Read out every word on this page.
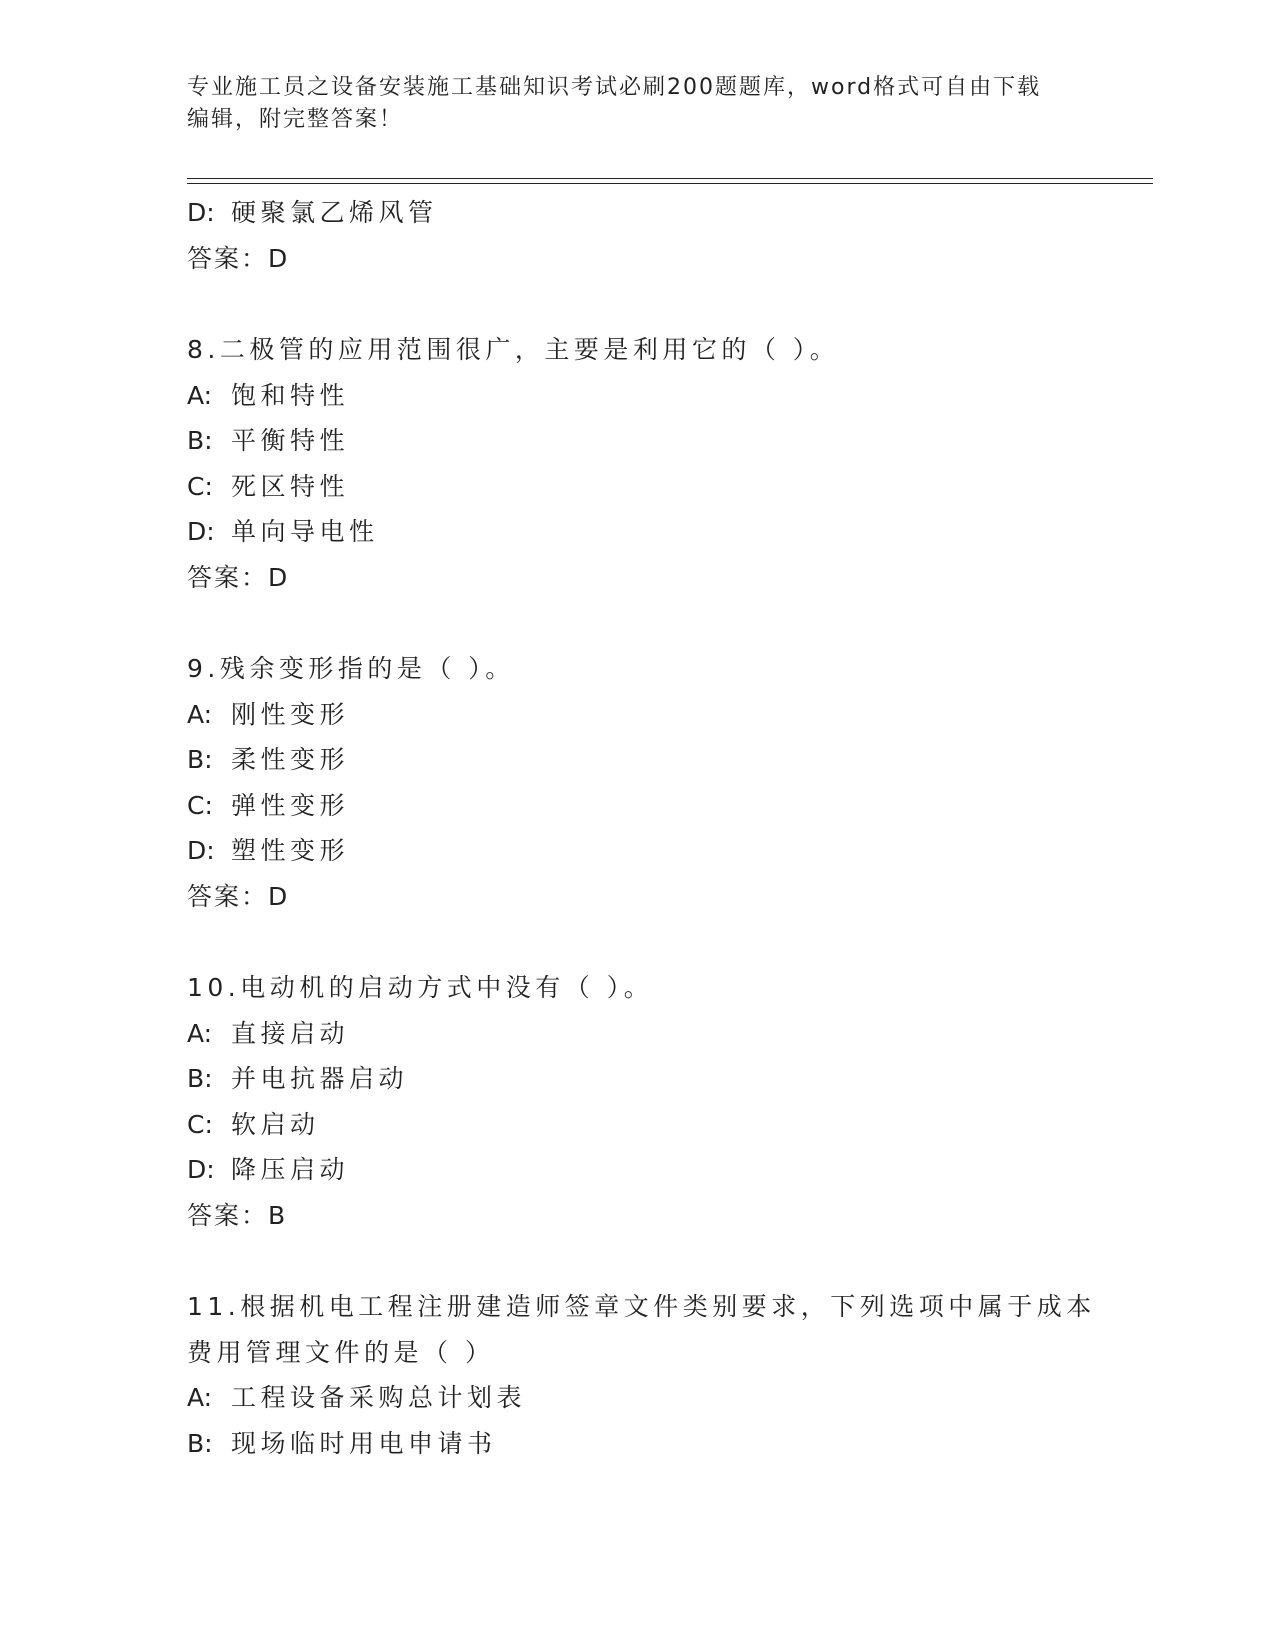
专业施工员之设备安装施工基础知识考试必刷200题题库，word格式可自由下载
编辑，附完整答案！
D: 硬聚氯乙烯风管
答案：D
8.二极管的应用范围很广，主要是利用它的（ ）。
A: 饱和特性
B: 平衡特性
C: 死区特性
D: 单向导电性
答案：D
9.残余变形指的是（ ）。
A: 刚性变形
B: 柔性变形
C: 弹性变形
D: 塑性变形
答案：D
10.电动机的启动方式中没有（ ）。
A: 直接启动
B: 并电抗器启动
C: 软启动
D: 降压启动
答案：B
11.根据机电工程注册建造师签章文件类别要求，下列选项中属于成本
费用管理文件的是（ ）
A: 工程设备采购总计划表
B: 现场临时用电申请书
